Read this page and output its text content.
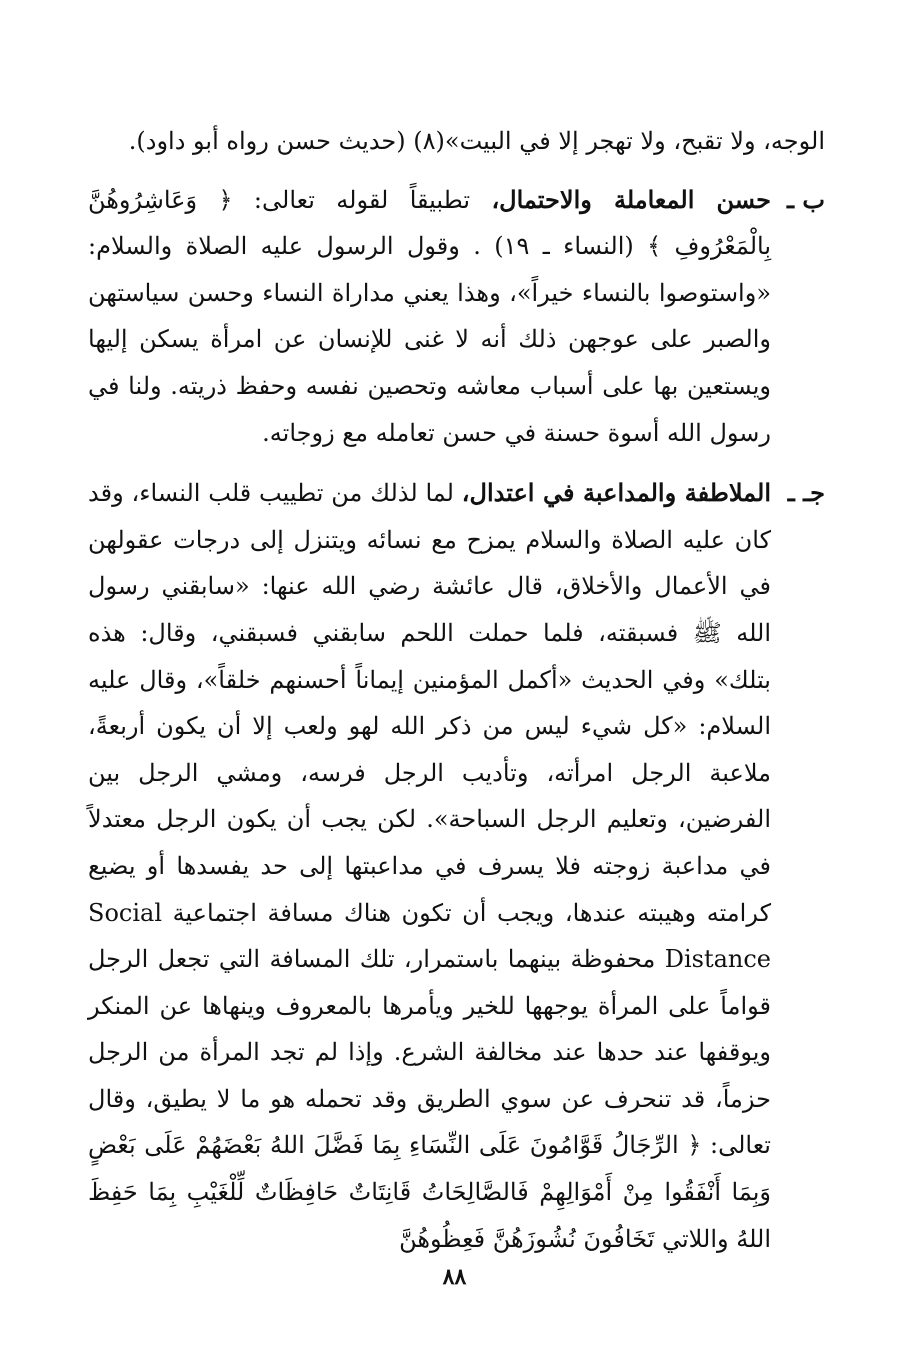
الوجه، ولا تقبح، ولا تهجر إلا في البيت»(٨) (حديث حسن رواه أبو داود).

ب ـ

حسن المعاملة والاحتمال، تطبيقاً لقوله تعالى: ﴿ وَعَاشِرُوهُنَّ بِالْمَعْرُوفِ ﴾ (النساء ـ ١٩) . وقول الرسول عليه الصلاة والسلام: «واستوصوا بالنساء خيراً»، وهذا يعني مداراة النساء وحسن سياستهن والصبر على عوجهن ذلك أنه لا غنى للإنسان عن امرأة يسكن إليها ويستعين بها على أسباب معاشه وتحصين نفسه وحفظ ذريته. ولنا في رسول الله أسوة حسنة في حسن تعامله مع زوجاته.

جـ ـ

الملاطفة والمداعبة في اعتدال، لما لذلك من تطييب قلب النساء، وقد كان عليه الصلاة والسلام يمزح مع نسائه ويتنزل إلى درجات عقولهن في الأعمال والأخلاق، قال عائشة رضي الله عنها: «سابقني رسول الله ﷺ فسبقته، فلما حملت اللحم سابقني فسبقني، وقال: هذه بتلك» وفي الحديث «أكمل المؤمنين إيماناً أحسنهم خلقاً»، وقال عليه السلام: «كل شيء ليس من ذكر الله لهو ولعب إلا أن يكون أربعةً، ملاعبة الرجل امرأته، وتأديب الرجل فرسه، ومشي الرجل بين الفرضين، وتعليم الرجل السباحة». لكن يجب أن يكون الرجل معتدلاً في مداعبة زوجته فلا يسرف في مداعبتها إلى حد يفسدها أو يضيع كرامته وهيبته عندها، ويجب أن تكون هناك مسافة اجتماعية Social Distance محفوظة بينهما باستمرار، تلك المسافة التي تجعل الرجل قواماً على المرأة يوجهها للخير ويأمرها بالمعروف وينهاها عن المنكر ويوقفها عند حدها عند مخالفة الشرع. وإذا لم تجد المرأة من الرجل حزماً، قد تنحرف عن سوي الطريق وقد تحمله هو ما لا يطيق، وقال تعالى: ﴿ الرِّجَالُ قَوَّامُونَ عَلَى النِّسَاءِ بِمَا فَضَّلَ اللهُ بَعْضَهُمْ عَلَى بَعْضٍ وَبِمَا أَنْفَقُوا مِنْ أَمْوَالِهِمْ فَالصَّالِحَاتُ قَانِتَاتٌ حَافِظَاتٌ لِّلْغَيْبِ بِمَا حَفِظَ اللهُ واللاتي تَخَافُونَ نُشُوزَهُنَّ فَعِظُوهُنَّ

٨٨
